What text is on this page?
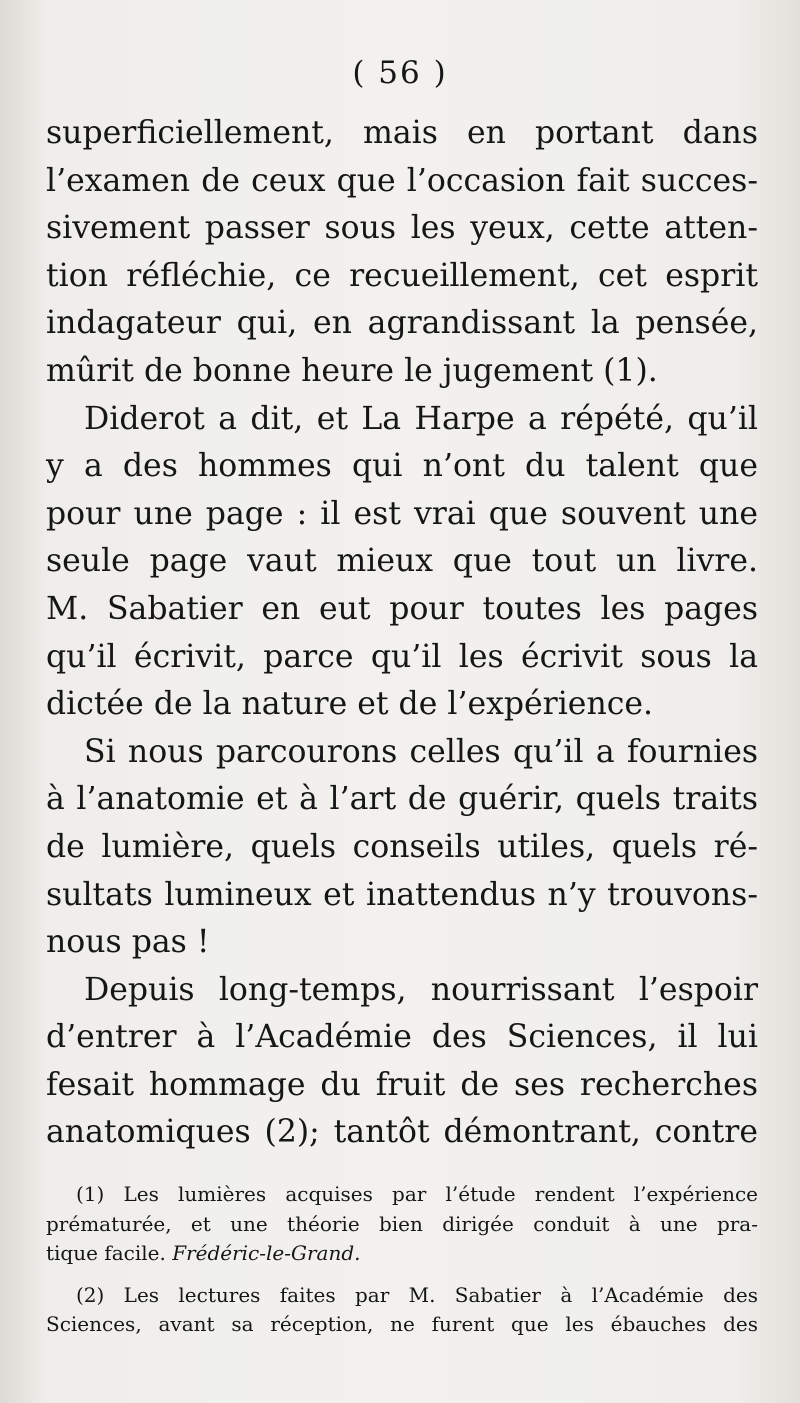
( 56 )
superficiellement, mais en portant dans
l’examen de ceux que l’occasion fait succes-
sivement passer sous les yeux, cette atten-
tion réfléchie, ce recueillement, cet esprit
indagateur qui, en agrandissant la pensée,
mûrit de bonne heure le jugement (1).
Diderot a dit, et La Harpe a répété, qu’il
y a des hommes qui n’ont du talent que
pour une page : il est vrai que souvent une
seule page vaut mieux que tout un livre.
M. Sabatier en eut pour toutes les pages
qu’il écrivit, parce qu’il les écrivit sous la
dictée de la nature et de l’expérience.
Si nous parcourons celles qu’il a fournies
à l’anatomie et à l’art de guérir, quels traits
de lumière, quels conseils utiles, quels ré-
sultats lumineux et inattendus n’y trouvons-
nous pas !
Depuis long-temps, nourrissant l’espoir
d’entrer à l’Académie des Sciences, il lui
fesait hommage du fruit de ses recherches
anatomiques (2); tantôt démontrant, contre
(1) Les lumières acquises par l’étude rendent l’expérience
prématurée, et une théorie bien dirigée conduit à une pra-
tique facile. Frédéric-le-Grand.
(2) Les lectures faites par M. Sabatier à l’Académie des
Sciences, avant sa réception, ne furent que les ébauches des
